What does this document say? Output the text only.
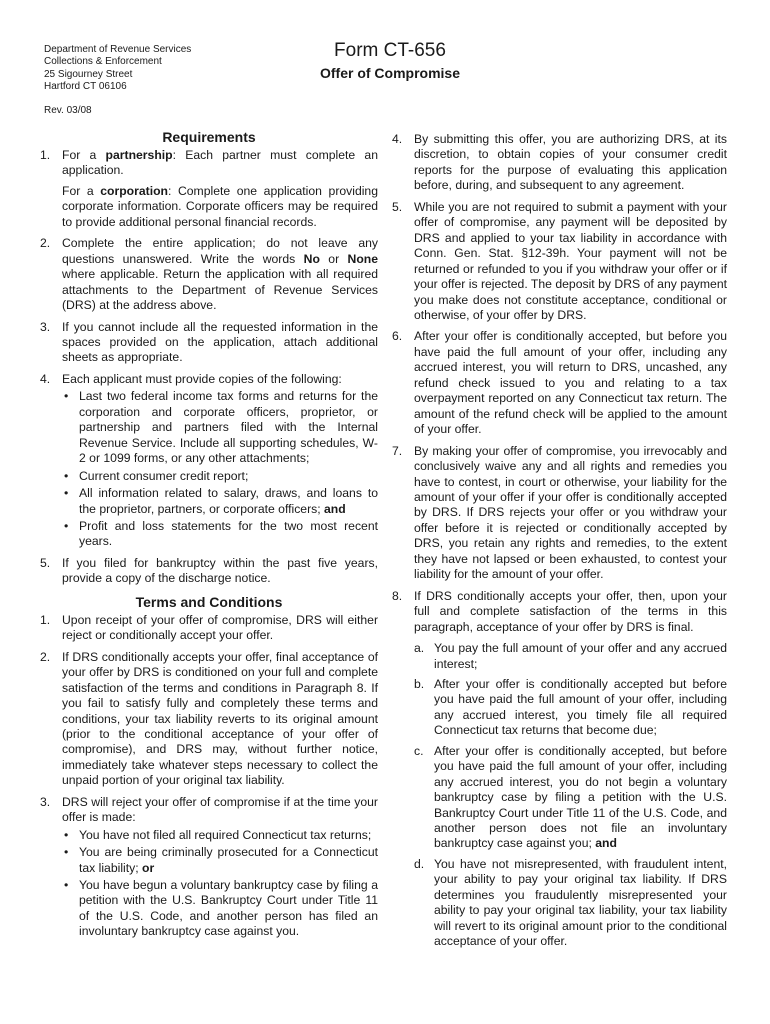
Department of Revenue Services
Collections & Enforcement
25 Sigourney Street
Hartford CT 06106
Rev. 03/08
Form CT-656
Offer of Compromise
Requirements
1. For a partnership: Each partner must complete an application.
For a corporation: Complete one application providing corporate information. Corporate officers may be required to provide additional personal financial records.
2. Complete the entire application; do not leave any questions unanswered. Write the words No or None where applicable. Return the application with all required attachments to the Department of Revenue Services (DRS) at the address above.
3. If you cannot include all the requested information in the spaces provided on the application, attach additional sheets as appropriate.
4. Each applicant must provide copies of the following:
• Last two federal income tax forms and returns for the corporation and corporate officers, proprietor, or partnership and partners filed with the Internal Revenue Service. Include all supporting schedules, W-2 or 1099 forms, or any other attachments;
• Current consumer credit report;
• All information related to salary, draws, and loans to the proprietor, partners, or corporate officers; and
• Profit and loss statements for the two most recent years.
5. If you filed for bankruptcy within the past five years, provide a copy of the discharge notice.
Terms and Conditions
1. Upon receipt of your offer of compromise, DRS will either reject or conditionally accept your offer.
2. If DRS conditionally accepts your offer, final acceptance of your offer by DRS is conditioned on your full and complete satisfaction of the terms and conditions in Paragraph 8. If you fail to satisfy fully and completely these terms and conditions, your tax liability reverts to its original amount (prior to the conditional acceptance of your offer of compromise), and DRS may, without further notice, immediately take whatever steps necessary to collect the unpaid portion of your original tax liability.
3. DRS will reject your offer of compromise if at the time your offer is made:
• You have not filed all required Connecticut tax returns;
• You are being criminally prosecuted for a Connecticut tax liability; or
• You have begun a voluntary bankruptcy case by filing a petition with the U.S. Bankruptcy Court under Title 11 of the U.S. Code, and another person has filed an involuntary bankruptcy case against you.
4. By submitting this offer, you are authorizing DRS, at its discretion, to obtain copies of your consumer credit reports for the purpose of evaluating this application before, during, and subsequent to any agreement.
5. While you are not required to submit a payment with your offer of compromise, any payment will be deposited by DRS and applied to your tax liability in accordance with Conn. Gen. Stat. §12-39h. Your payment will not be returned or refunded to you if you withdraw your offer or if your offer is rejected. The deposit by DRS of any payment you make does not constitute acceptance, conditional or otherwise, of your offer by DRS.
6. After your offer is conditionally accepted, but before you have paid the full amount of your offer, including any accrued interest, you will return to DRS, uncashed, any refund check issued to you and relating to a tax overpayment reported on any Connecticut tax return. The amount of the refund check will be applied to the amount of your offer.
7. By making your offer of compromise, you irrevocably and conclusively waive any and all rights and remedies you have to contest, in court or otherwise, your liability for the amount of your offer if your offer is conditionally accepted by DRS. If DRS rejects your offer or you withdraw your offer before it is rejected or conditionally accepted by DRS, you retain any rights and remedies, to the extent they have not lapsed or been exhausted, to contest your liability for the amount of your offer.
8. If DRS conditionally accepts your offer, then, upon your full and complete satisfaction of the terms in this paragraph, acceptance of your offer by DRS is final.
a. You pay the full amount of your offer and any accrued interest;
b. After your offer is conditionally accepted but before you have paid the full amount of your offer, including any accrued interest, you timely file all required Connecticut tax returns that become due;
c. After your offer is conditionally accepted, but before you have paid the full amount of your offer, including any accrued interest, you do not begin a voluntary bankruptcy case by filing a petition with the U.S. Bankruptcy Court under Title 11 of the U.S. Code, and another person does not file an involuntary bankruptcy case against you; and
d. You have not misrepresented, with fraudulent intent, your ability to pay your original tax liability. If DRS determines you fraudulently misrepresented your ability to pay your original tax liability, your tax liability will revert to its original amount prior to the conditional acceptance of your offer.
